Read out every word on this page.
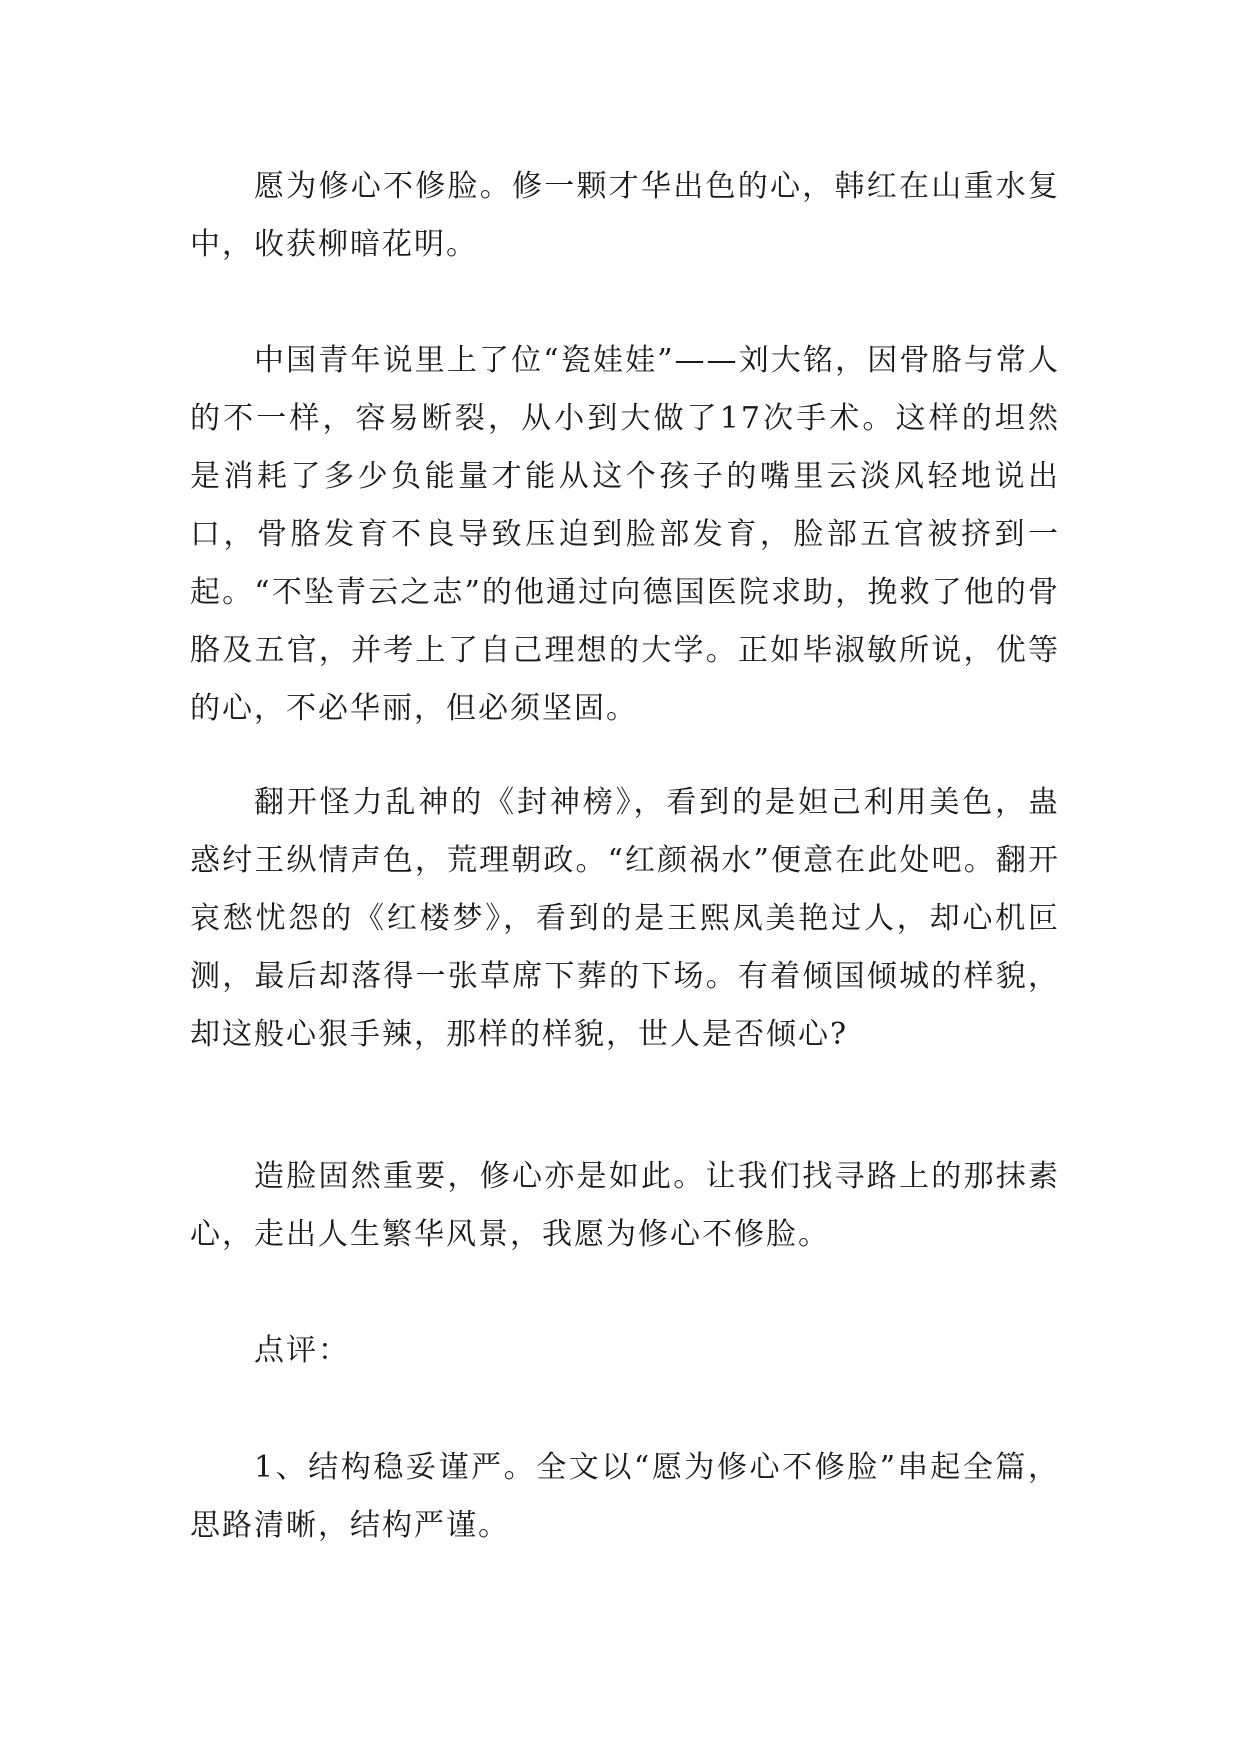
愿为修心不修脸。修一颗才华出色的心，韩红在山重水复中，收获柳暗花明。

中国青年说里上了位“瓷娃娃”——刘大铭，因骨胳与常人的不一样，容易断裂，从小到大做了17次手术。这样的坦然是消耗了多少负能量才能从这个孩子的嘴里云淡风轻地说出口，骨胳发育不良导致压迫到脸部发育，脸部五官被挤到一起。“不坠青云之志”的他通过向德国医院求助，挽救了他的骨胳及五官，并考上了自己理想的大学。正如毕淑敏所说，优等的心，不必华丽，但必须坚固。

翻开怪力乱神的《封神榜》，看到的是妲己利用美色，蛊惑纣王纵情声色，荒理朝政。“红颜祸水”便意在此处吧。翻开哀愁忧怨的《红楼梦》，看到的是王熙凤美艳过人，却心机叵测，最后却落得一张草席下葬的下场。有着倾国倾城的样貌，却这般心狠手辣，那样的样貌，世人是否倾心?

造脸固然重要，修心亦是如此。让我们找寻路上的那抹素心，走出人生繁华风景，我愿为修心不修脸。

点评：

1、结构稳妥谨严。全文以“愿为修心不修脸”串起全篇，思路清晰，结构严谨。
